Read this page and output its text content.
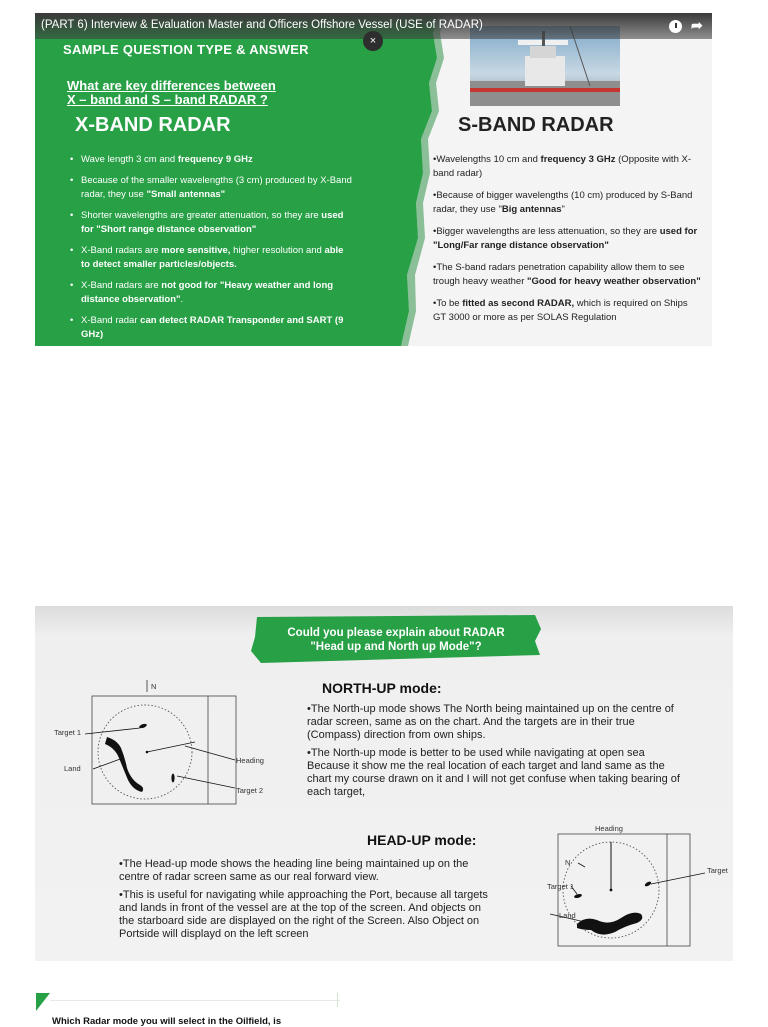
(PART 6) Interview & Evaluation Master and Officers Offshore Vessel (USE of RADAR)	➦
×
SAMPLE QUESTION TYPE & ANSWER
What are key differences between
X – band and S – band RADAR ?
X-BAND RADAR	S-BAND RADAR
• Wave length 3 cm and frequency 9 GHz
• Because of the smaller wavelengths (3 cm) produced by X-Band radar, they use "Small antennas"
• Shorter wavelengths are greater attenuation, so they are used for "Short range distance observation"
• X-Band radars are more sensitive, higher resolution and able to detect smaller particles/objects.
• X-Band radars are not good for "Heavy weather and long distance observation".
• X-Band radar can detect RADAR Transponder and SART (9 GHz)
•Wavelengths 10 cm and frequency 3 GHz (Opposite with X-band radar)
•Because of bigger wavelengths (10 cm) produced by S-Band radar, they use "Big antennas"
•Bigger wavelengths are less attenuation, so they are used for "Long/Far range distance observation"
•The S-band radars penetration capability allow them to see trough heavy weather "Good for heavy weather observation"
•To be fitted as second RADAR, which is required on Ships GT 3000 or more as per SOLAS Regulation
Could you please explain about RADAR
"Head up and North up Mode"?
N
Target 1
Land
Heading
Target 2
NORTH-UP mode:

•The North-up mode shows The North being maintained up on the centre of radar screen, same as on the chart. And the targets are in their true (Compass) direction from own ships.

•The North-up mode is better to be used while navigating at open sea Because it show me the real location of each target and land same as the chart my course drawn on it and I will not get confuse when taking bearing of each target,

HEAD-UP mode:

•The Head-up mode shows the heading line being maintained up on the centre of radar screen same as our real forward view.

•This is useful for navigating while approaching the Port, because all targets and lands in front of the vessel are at the top of the screen. And objects on the starboard side are displayed on the right of the Screen. Also Object on Portside will displayd on the left screen

Heading
N
Target 1
Land
Target
Which Radar mode you will select in the Oilfield, is
